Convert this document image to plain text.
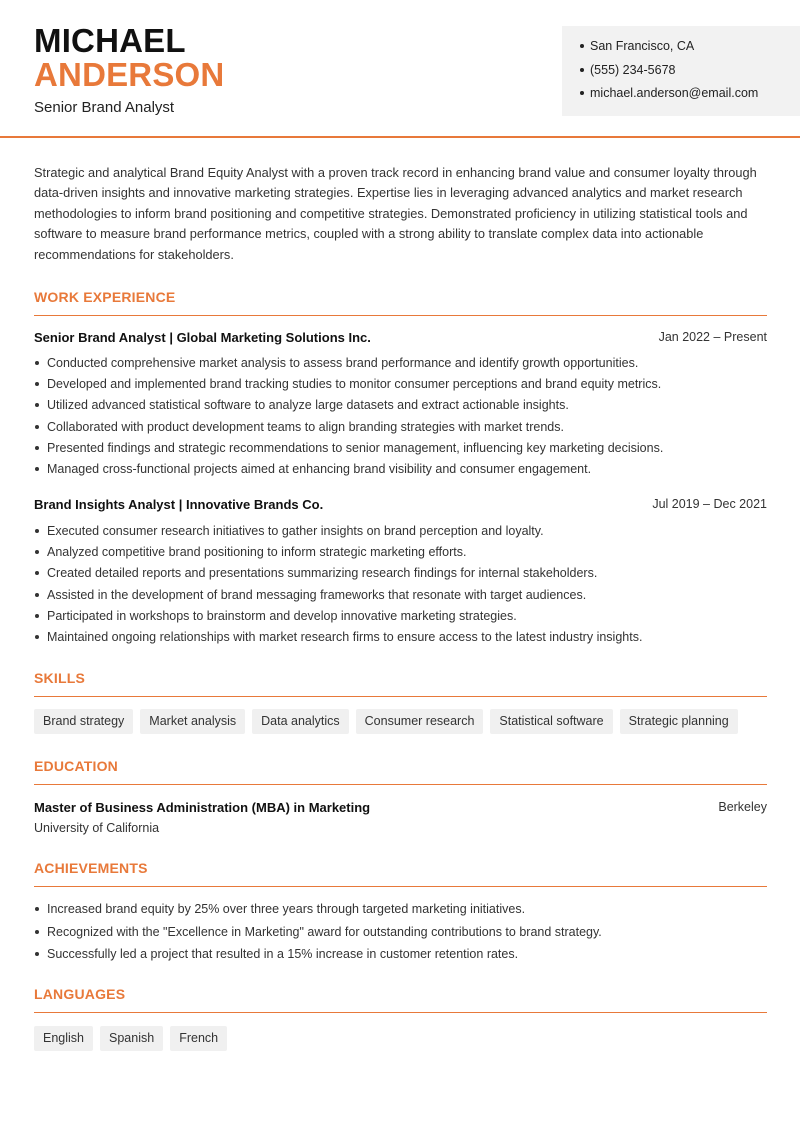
MICHAEL
ANDERSON
Senior Brand Analyst
San Francisco, CA
(555) 234-5678
michael.anderson@email.com
Strategic and analytical Brand Equity Analyst with a proven track record in enhancing brand value and consumer loyalty through data-driven insights and innovative marketing strategies. Expertise lies in leveraging advanced analytics and market research methodologies to inform brand positioning and competitive strategies. Demonstrated proficiency in utilizing statistical tools and software to measure brand performance metrics, coupled with a strong ability to translate complex data into actionable recommendations for stakeholders.
WORK EXPERIENCE
Senior Brand Analyst | Global Marketing Solutions Inc.	Jan 2022 – Present
Conducted comprehensive market analysis to assess brand performance and identify growth opportunities.
Developed and implemented brand tracking studies to monitor consumer perceptions and brand equity metrics.
Utilized advanced statistical software to analyze large datasets and extract actionable insights.
Collaborated with product development teams to align branding strategies with market trends.
Presented findings and strategic recommendations to senior management, influencing key marketing decisions.
Managed cross-functional projects aimed at enhancing brand visibility and consumer engagement.
Brand Insights Analyst | Innovative Brands Co.	Jul 2019 – Dec 2021
Executed consumer research initiatives to gather insights on brand perception and loyalty.
Analyzed competitive brand positioning to inform strategic marketing efforts.
Created detailed reports and presentations summarizing research findings for internal stakeholders.
Assisted in the development of brand messaging frameworks that resonate with target audiences.
Participated in workshops to brainstorm and develop innovative marketing strategies.
Maintained ongoing relationships with market research firms to ensure access to the latest industry insights.
SKILLS
Brand strategy	Market analysis	Data analytics	Consumer research	Statistical software	Strategic planning
EDUCATION
Master of Business Administration (MBA) in Marketing	Berkeley
University of California
ACHIEVEMENTS
Increased brand equity by 25% over three years through targeted marketing initiatives.
Recognized with the "Excellence in Marketing" award for outstanding contributions to brand strategy.
Successfully led a project that resulted in a 15% increase in customer retention rates.
LANGUAGES
English	Spanish	French
